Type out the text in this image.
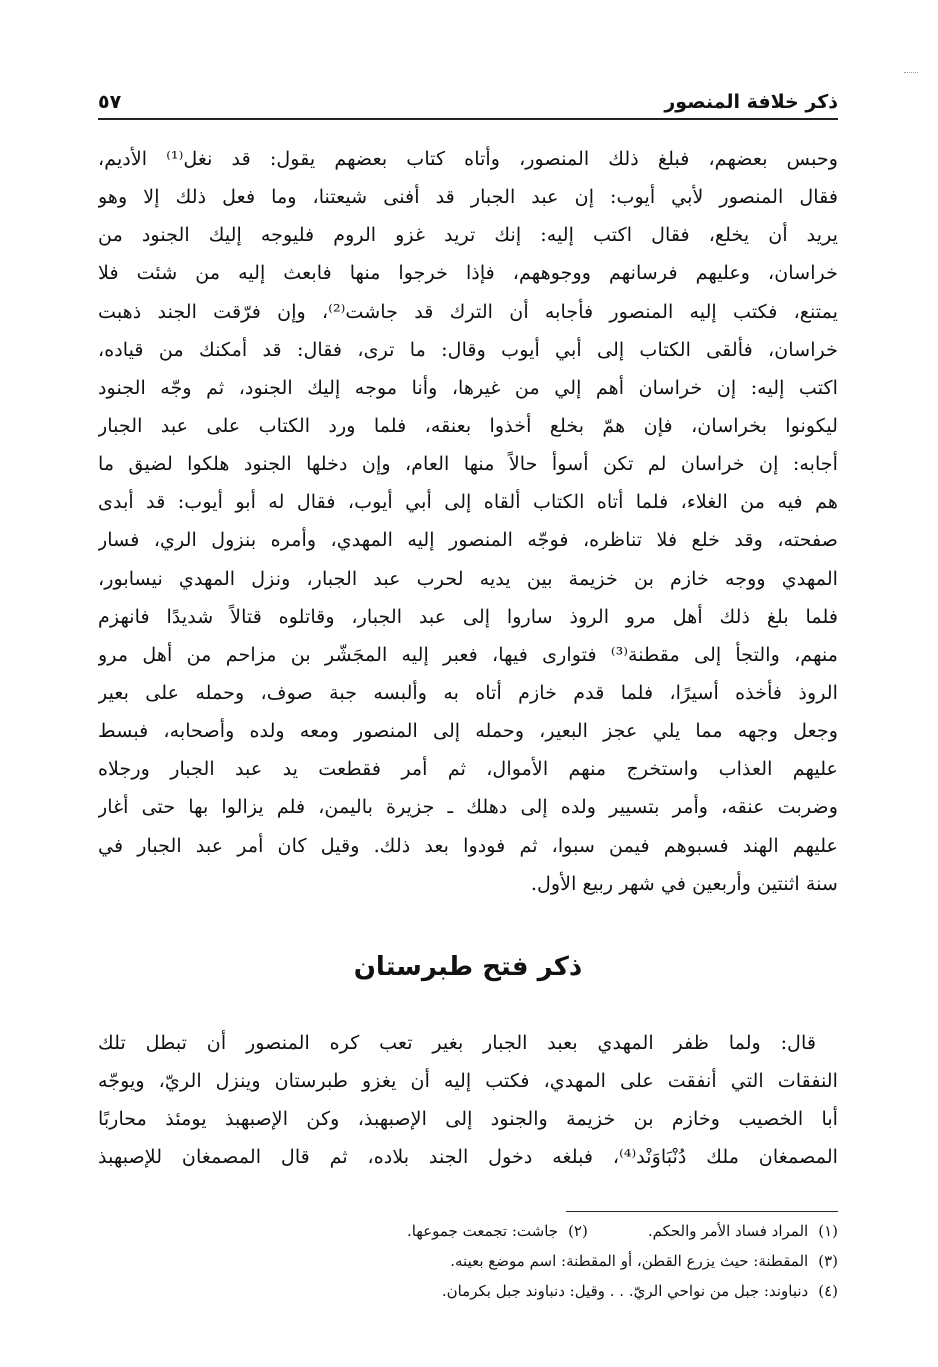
ذكر خلافة المنصور
٥٧
وحبس بعضهم، فبلغ ذلك المنصور، وأتاه كتاب بعضهم يقول: قد نغل⁽¹⁾ الأديم،
فقال المنصور لأبي أيوب: إن عبد الجبار قد أفنى شيعتنا، وما فعل ذلك إلا وهو
يريد أن يخلع، فقال اكتب إليه: إنك تريد غزو الروم فليوجه إليك الجنود من
خراسان، وعليهم فرسانهم ووجوههم، فإذا خرجوا منها فابعث إليه من شئت فلا
يمتنع، فكتب إليه المنصور فأجابه أن الترك قد جاشت⁽²⁾، وإن فرّقت الجند ذهبت
خراسان، فألقى الكتاب إلى أبي أيوب وقال: ما ترى، فقال: قد أمكنك من قياده،
اكتب إليه: إن خراسان أهم إلي من غيرها، وأنا موجه إليك الجنود، ثم وجّه الجنود
ليكونوا بخراسان، فإن همّ بخلع أخذوا بعنقه، فلما ورد الكتاب على عبد الجبار
أجابه: إن خراسان لم تكن أسوأ حالاً منها العام، وإن دخلها الجنود هلكوا لضيق ما
هم فيه من الغلاء، فلما أتاه الكتاب ألقاه إلى أبي أيوب، فقال له أبو أيوب: قد أبدى
صفحته، وقد خلع فلا تناظره، فوجّه المنصور إليه المهدي، وأمره بنزول الري، فسار
المهدي ووجه خازم بن خزيمة بين يديه لحرب عبد الجبار، ونزل المهدي نيسابور،
فلما بلغ ذلك أهل مرو الروذ ساروا إلى عبد الجبار، وقاتلوه قتالاً شديدًا فانهزم
منهم، والتجأ إلى مقطنة⁽³⁾ فتوارى فيها، فعبر إليه المجَشّر بن مزاحم من أهل مرو
الروذ فأخذه أسيرًا، فلما قدم خازم أتاه به وألبسه جبة صوف، وحمله على بعير
وجعل وجهه مما يلي عجز البعير، وحمله إلى المنصور ومعه ولده وأصحابه، فبسط
عليهم العذاب واستخرج منهم الأموال، ثم أمر فقطعت يد عبد الجبار ورجلاه
وضربت عنقه، وأمر بتسيير ولده إلى دهلك ـ جزيرة باليمن، فلم يزالوا بها حتى أغار
عليهم الهند فسبوهم فيمن سبوا، ثم فودوا بعد ذلك. وقيل كان أمر عبد الجبار في
سنة اثنتين وأربعين في شهر ربيع الأول.
ذكر فتح طبرستان
قال: ولما ظفر المهدي بعبد الجبار بغير تعب كره المنصور أن تبطل تلك
النفقات التي أنفقت على المهدي، فكتب إليه أن يغزو طبرستان وينزل الريّ، ويوجّه
أبا الخصيب وخازم بن خزيمة والجنود إلى الإصبهبذ، وكن الإصبهبذ يومئذ محاربًا
المصمغان ملك دُنْبَاوَنْد⁽⁴⁾، فبلغه دخول الجند بلاده، ثم قال المصمغان للإصبهبذ
(١)
المراد فساد الأمر والحكم.
(٢)
جاشت: تجمعت جموعها.
(٣)
المقطنة: حيث يزرع القطن، أو المقطنة: اسم موضع بعينه.
(٤)
دنباوند: جبل من نواحي الريّ. . . وقيل: دنباوند جبل بكرمان.
